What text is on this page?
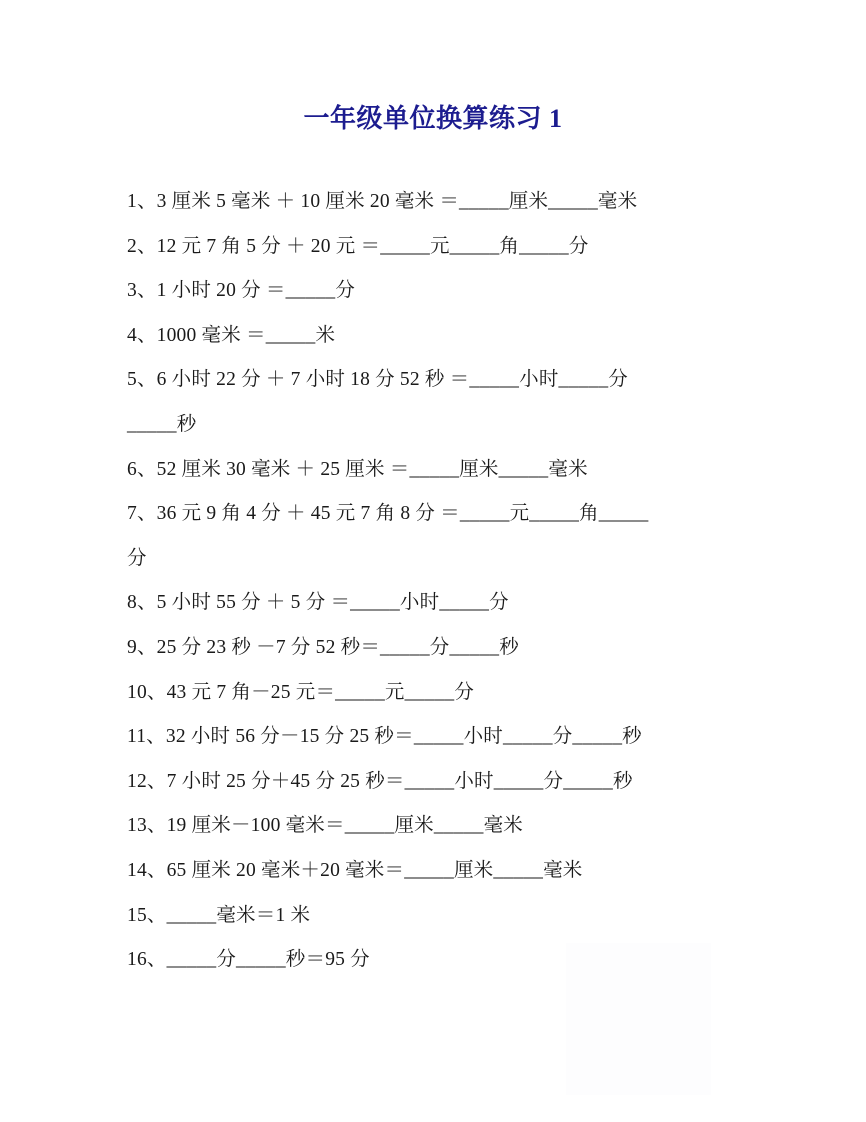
一年级单位换算练习 1
1、3 厘米 5 毫米 ＋ 10 厘米 20 毫米 ＝_____厘米_____毫米
2、12 元 7 角 5 分 ＋ 20 元 ＝_____元_____角_____分
3、1 小时 20 分 ＝_____分
4、1000 毫米 ＝_____米
5、6 小时 22 分 ＋ 7 小时 18 分 52 秒 ＝_____小时_____分
_____秒
6、52 厘米 30 毫米 ＋ 25 厘米 ＝_____厘米_____毫米
7、36 元 9 角 4 分 ＋ 45 元 7 角 8 分 ＝_____元_____角_____
分
8、5 小时 55 分 ＋ 5 分 ＝_____小时_____分
9、25 分 23 秒 －7 分 52 秒＝_____分_____秒
10、43 元 7 角－25 元＝_____元_____分
11、32 小时 56 分－15 分 25 秒＝_____小时_____分_____秒
12、7 小时 25 分＋45 分 25 秒＝_____小时_____分_____秒
13、19 厘米－100 毫米＝_____厘米_____毫米
14、65 厘米 20 毫米＋20 毫米＝_____厘米_____毫米
15、_____毫米＝1 米
16、_____分_____秒＝95 分
